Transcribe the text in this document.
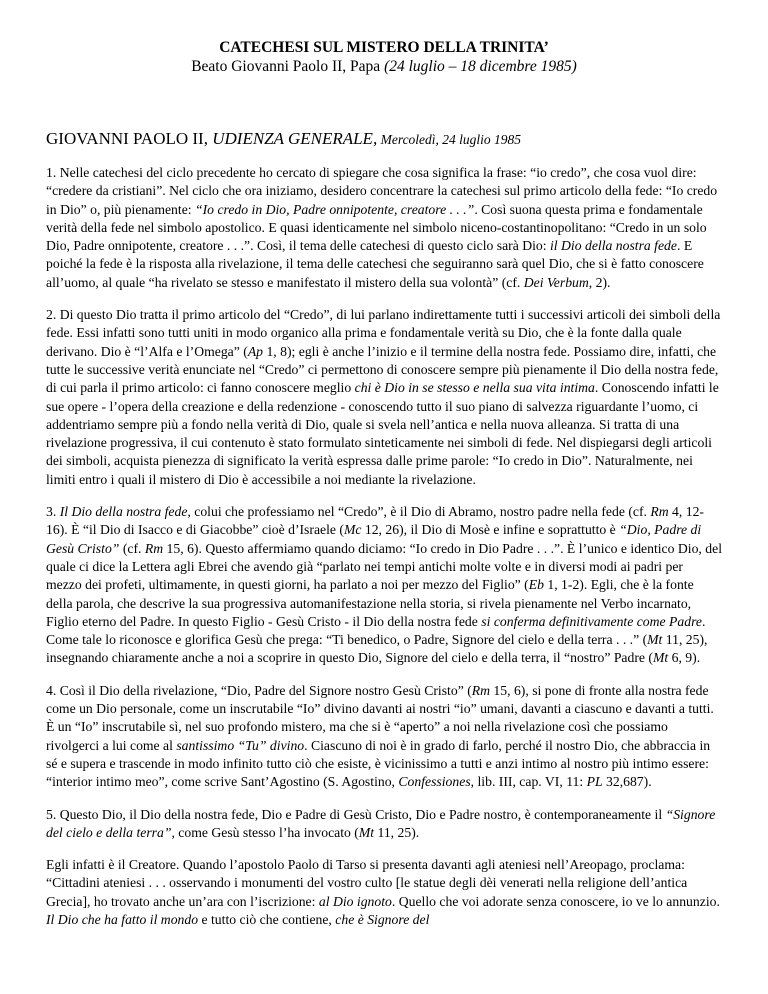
CATECHESI SUL MISTERO DELLA TRINITA’
Beato Giovanni Paolo II, Papa (24 luglio – 18 dicembre 1985)
GIOVANNI PAOLO II, UDIENZA GENERALE, Mercoledì, 24 luglio 1985

1. Nelle catechesi del ciclo precedente ho cercato di spiegare che cosa significa la frase: “io credo”, che cosa vuol dire: “credere da cristiani”. Nel ciclo che ora iniziamo, desidero concentrare la catechesi sul primo articolo della fede: “Io credo in Dio” o, più pienamente: “Io credo in Dio, Padre onnipotente, creatore . . .”. Così suona questa prima e fondamentale verità della fede nel simbolo apostolico. E quasi identicamente nel simbolo niceno-costantinopolitano: “Credo in un solo Dio, Padre onnipotente, creatore . . .”. Così, il tema delle catechesi di questo ciclo sarà Dio: il Dio della nostra fede. E poiché la fede è la risposta alla rivelazione, il tema delle catechesi che seguiranno sarà quel Dio, che si è fatto conoscere all’uomo, al quale “ha rivelato se stesso e manifestato il mistero della sua volontà” (cf. Dei Verbum, 2).

2. Di questo Dio tratta il primo articolo del “Credo”, di lui parlano indirettamente tutti i successivi articoli dei simboli della fede. Essi infatti sono tutti uniti in modo organico alla prima e fondamentale verità su Dio, che è la fonte dalla quale derivano. Dio è “l’Alfa e l’Omega” (Ap 1, 8); egli è anche l’inizio e il termine della nostra fede. Possiamo dire, infatti, che tutte le successive verità enunciate nel “Credo” ci permettono di conoscere sempre più pienamente il Dio della nostra fede, di cui parla il primo articolo: ci fanno conoscere meglio chi è Dio in se stesso e nella sua vita intima. Conoscendo infatti le sue opere - l’opera della creazione e della redenzione - conoscendo tutto il suo piano di salvezza riguardante l’uomo, ci addentriamo sempre più a fondo nella verità di Dio, quale si svela nell’antica e nella nuova alleanza. Si tratta di una rivelazione progressiva, il cui contenuto è stato formulato sinteticamente nei simboli di fede. Nel dispiegarsi degli articoli dei simboli, acquista pienezza di significato la verità espressa dalle prime parole: “Io credo in Dio”. Naturalmente, nei limiti entro i quali il mistero di Dio è accessibile a noi mediante la rivelazione.

3. Il Dio della nostra fede, colui che professiamo nel “Credo”, è il Dio di Abramo, nostro padre nella fede (cf. Rm 4, 12-16). È “il Dio di Isacco e di Giacobbe” cioè d’Israele (Mc 12, 26), il Dio di Mosè e infine e soprattutto è “Dio, Padre di Gesù Cristo” (cf. Rm 15, 6). Questo affermiamo quando diciamo: “Io credo in Dio Padre . . .”. È l’unico e identico Dio, del quale ci dice la Lettera agli Ebrei che avendo già “parlato nei tempi antichi molte volte e in diversi modi ai padri per mezzo dei profeti, ultimamente, in questi giorni, ha parlato a noi per mezzo del Figlio” (Eb 1, 1-2). Egli, che è la fonte della parola, che descrive la sua progressiva automanifestazione nella storia, si rivela pienamente nel Verbo incarnato, Figlio eterno del Padre. In questo Figlio - Gesù Cristo - il Dio della nostra fede si conferma definitivamente come Padre. Come tale lo riconosce e glorifica Gesù che prega: “Ti benedico, o Padre, Signore del cielo e della terra . . .” (Mt 11, 25), insegnando chiaramente anche a noi a scoprire in questo Dio, Signore del cielo e della terra, il “nostro” Padre (Mt 6, 9).

4. Così il Dio della rivelazione, “Dio, Padre del Signore nostro Gesù Cristo” (Rm 15, 6), si pone di fronte alla nostra fede come un Dio personale, come un inscrutabile “Io” divino davanti ai nostri “io” umani, davanti a ciascuno e davanti a tutti. È un “Io” inscrutabile sì, nel suo profondo mistero, ma che si è “aperto” a noi nella rivelazione così che possiamo rivolgerci a lui come al santissimo “Tu” divino. Ciascuno di noi è in grado di farlo, perché il nostro Dio, che abbraccia in sé e supera e trascende in modo infinito tutto ciò che esiste, è vicinissimo a tutti e anzi intimo al nostro più intimo essere: “interior intimo meo”, come scrive Sant’Agostino (S. Agostino, Confessiones, lib. III, cap. VI, 11: PL 32,687).

5. Questo Dio, il Dio della nostra fede, Dio e Padre di Gesù Cristo, Dio e Padre nostro, è contemporaneamente il “Signore del cielo e della terra”, come Gesù stesso l’ha invocato (Mt 11, 25).

Egli infatti è il Creatore. Quando l’apostolo Paolo di Tarso si presenta davanti agli ateniesi nell’Areopago, proclama: “Cittadini ateniesi . . . osservando i monumenti del vostro culto [le statue degli dèi venerati nella religione dell’antica Grecia], ho trovato anche un’ara con l’iscrizione: al Dio ignoto. Quello che voi adorate senza conoscere, io ve lo annunzio. Il Dio che ha fatto il mondo e tutto ciò che contiene, che è Signore del
